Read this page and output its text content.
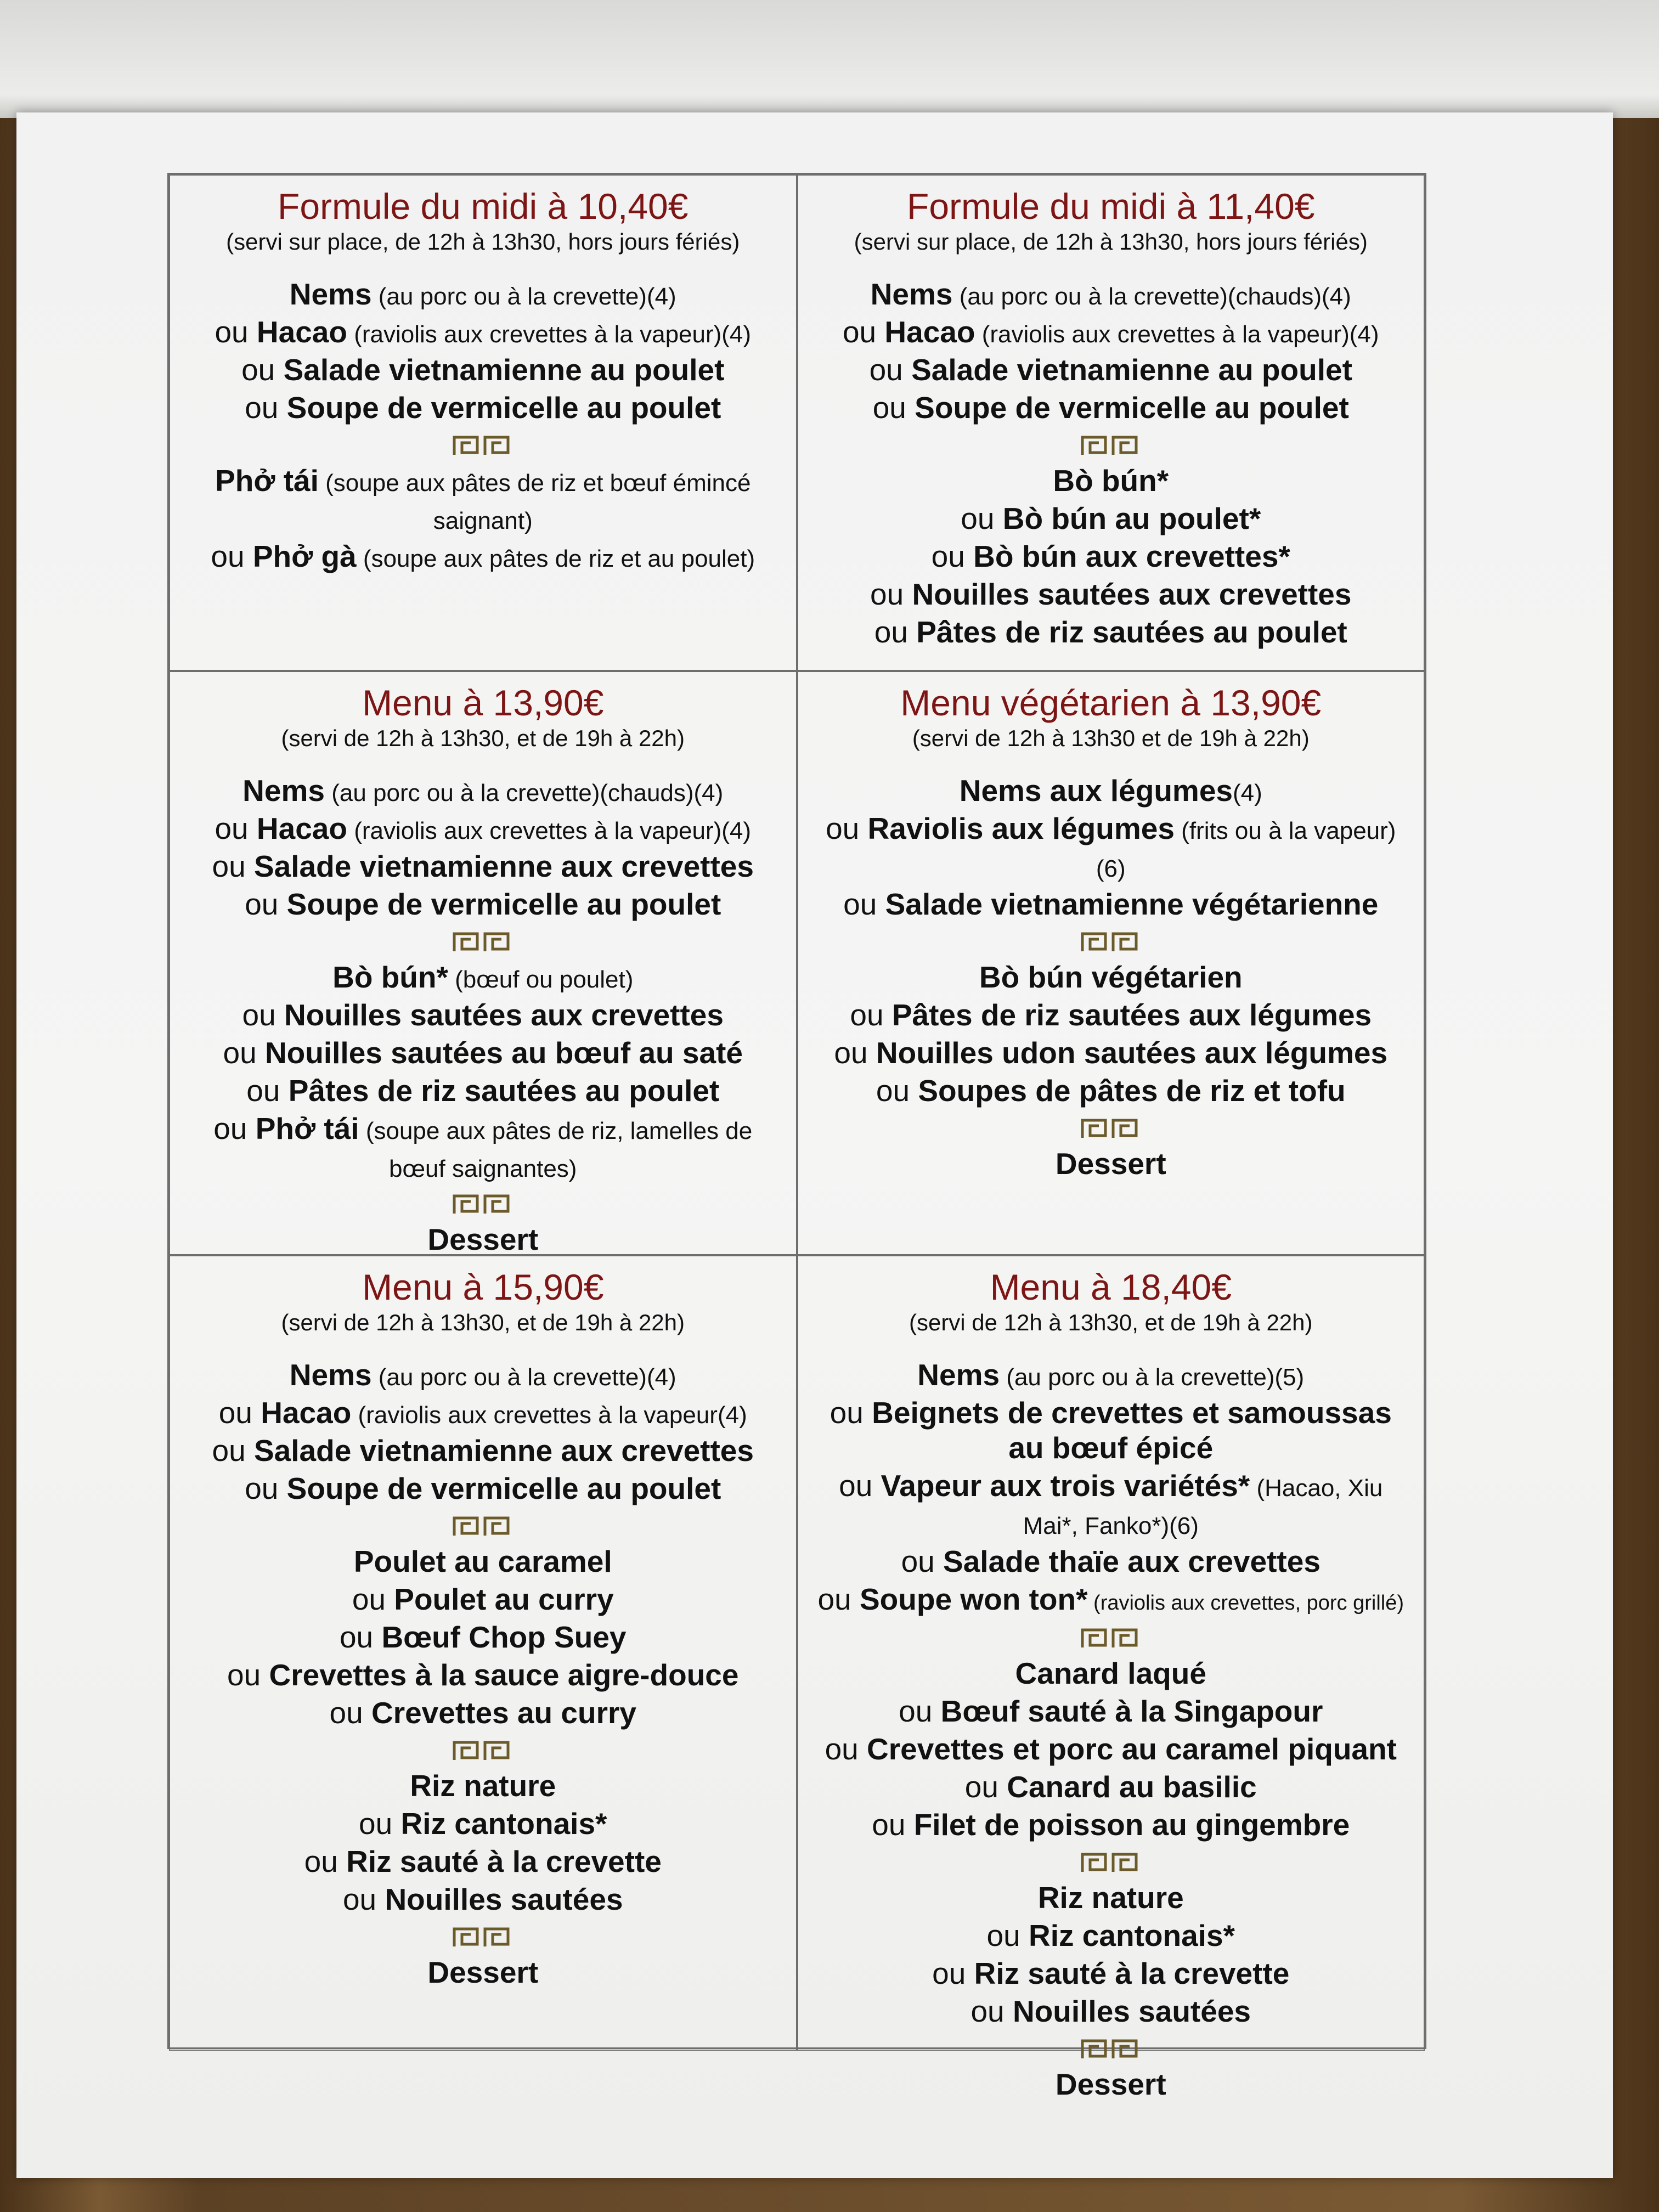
Formule du midi à 10,40€
(servi sur place, de 12h à 13h30, hors jours fériés)
Nems (au porc ou à la crevette)(4)
ou Hacao (raviolis aux crevettes à la vapeur)(4)
ou Salade vietnamienne au poulet
ou Soupe de vermicelle au poulet
Phở tái (soupe aux pâtes de riz et bœuf émincé saignant)
ou Phở gà (soupe aux pâtes de riz et au poulet)
Formule du midi à 11,40€
(servi sur place, de 12h à 13h30, hors jours fériés)
Nems (au porc ou à la crevette)(chauds)(4)
ou Hacao (raviolis aux crevettes à la vapeur)(4)
ou Salade vietnamienne au poulet
ou Soupe de vermicelle au poulet
Bò bún*
ou Bò bún au poulet*
ou Bò bún aux crevettes*
ou Nouilles sautées aux crevettes
ou Pâtes de riz sautées au poulet
Menu à 13,90€
(servi de 12h à 13h30, et de 19h à 22h)
Nems (au porc ou à la crevette)(chauds)(4)
ou Hacao (raviolis aux crevettes à la vapeur)(4)
ou Salade vietnamienne aux crevettes
ou Soupe de vermicelle au poulet
Bò bún* (bœuf ou poulet)
ou Nouilles sautées aux crevettes
ou Nouilles sautées au bœuf au saté
ou Pâtes de riz sautées au poulet
ou Phở tái (soupe aux pâtes de riz, lamelles de bœuf saignantes)
Dessert
Menu végétarien à 13,90€
(servi de 12h à 13h30 et de 19h à 22h)
Nems aux légumes(4)
ou Raviolis aux légumes (frits ou à la vapeur)(6)
ou Salade vietnamienne végétarienne
Bò bún végétarien
ou Pâtes de riz sautées aux légumes
ou Nouilles udon sautées aux légumes
ou Soupes de pâtes de riz et tofu
Dessert
Menu à 15,90€
(servi de 12h à 13h30, et de 19h à 22h)
Nems (au porc ou à la crevette)(4)
ou Hacao (raviolis aux crevettes à la vapeur(4)
ou Salade vietnamienne aux crevettes
ou Soupe de vermicelle au poulet
Poulet au caramel
ou Poulet au curry
ou Bœuf Chop Suey
ou Crevettes à la sauce aigre-douce
ou Crevettes au curry
Riz nature
ou Riz cantonais*
ou Riz sauté à la crevette
ou Nouilles sautées
Dessert
Menu à 18,40€
(servi de 12h à 13h30, et de 19h à 22h)
Nems (au porc ou à la crevette)(5)
ou Beignets de crevettes et samoussas au bœuf épicé
ou Vapeur aux trois variétés* (Hacao, Xiu Mai*, Fanko*)(6)
ou Salade thaïe aux crevettes
ou Soupe won ton* (raviolis aux crevettes, porc grillé)
Canard laqué
ou Bœuf sauté à la Singapour
ou Crevettes et porc au caramel piquant
ou Canard au basilic
ou Filet de poisson au gingembre
Riz nature
ou Riz cantonais*
ou Riz sauté à la crevette
ou Nouilles sautées
Dessert
